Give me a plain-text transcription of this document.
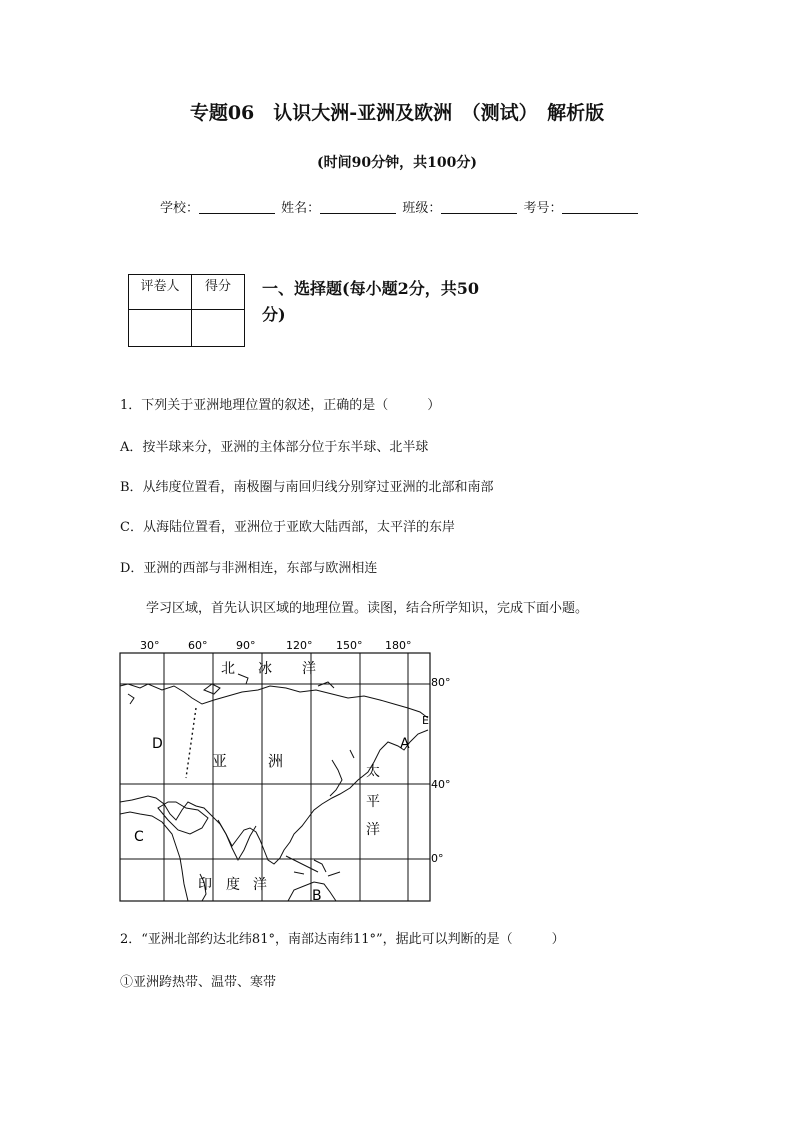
专题06　认识大洲-亚洲及欧洲　（测试）　解析版
(时间90分钟，共100分)
学校：	姓名：	班级：	考号：
评卷人	得分
	一、选择题(每小题2分，共50
分)
1．下列关于亚洲地理位置的叙述，正确的是（　　　）
A．按半球来分，亚洲的主体部分位于东半球、北半球
B．从纬度位置看，南极圈与南回归线分别穿过亚洲的北部和南部
C．从海陆位置看，亚洲位于亚欧大陆西部，太平洋的东岸
D．亚洲的西部与非洲相连，东部与欧洲相连
学习区域，首先认识区域的地理位置。读图，结合所学知识，完成下面小题。
30°	60°	90°	120° 150° 180°
80°
40°
0°
北 冰 洋
亚	洲
太
平
洋
印 度 洋
A
B
C
D
E
2．“亚洲北部约达北纬81°，南部达南纬11°”，据此可以判断的是（　　　）
①亚洲跨热带、温带、寒带
